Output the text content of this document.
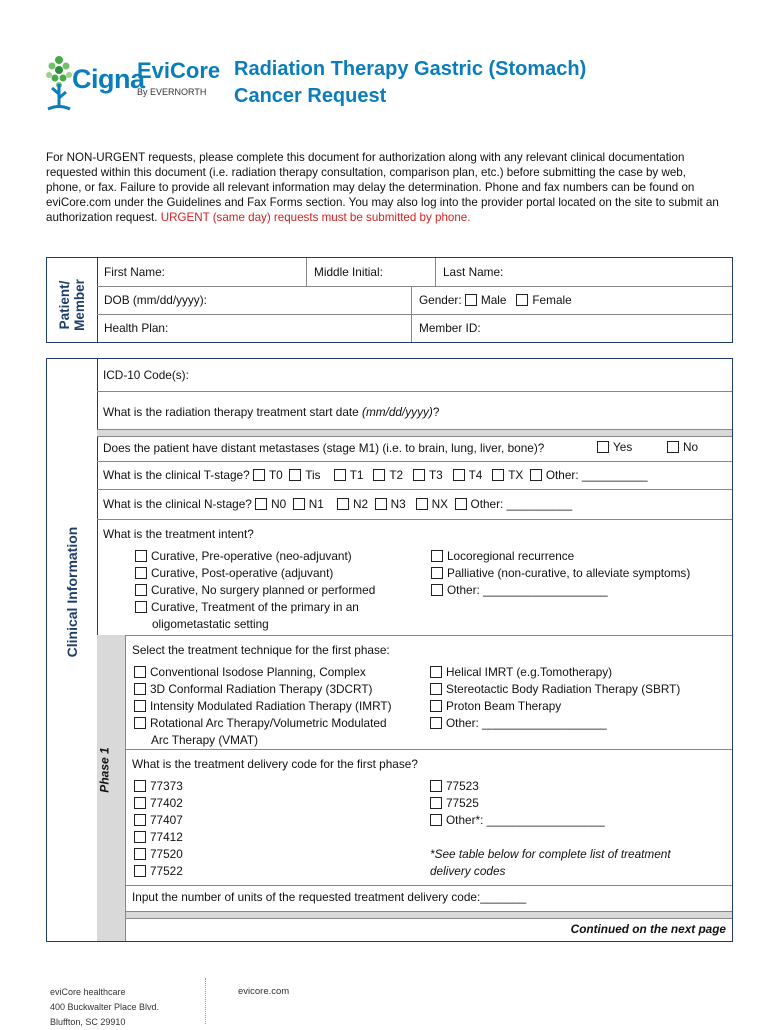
Cigna
EviCore
By EVERNORTH
Radiation Therapy Gastric (Stomach)
Cancer Request
For NON-URGENT requests, please complete this document for authorization along with any relevant clinical documentation requested within this document (i.e. radiation therapy consultation, comparison plan, etc.) before submitting the case by web, phone, or fax. Failure to provide all relevant information may delay the determination. Phone and fax numbers can be found on eviCore.com under the Guidelines and Fax Forms section. You may also log into the provider portal located on the site to submit an authorization request. URGENT (same day) requests must be submitted by phone.
Patient/ Member
First Name:	Middle Initial:	Last Name:
DOB (mm/dd/yyyy):	Gender:
Male
Female
Health Plan:	Member ID:
Clinical Information
ICD-10 Code(s):
What is the radiation therapy treatment start date (mm/dd/yyyy)?
Does the patient have distant metastases (stage M1) (i.e. to brain, lung, liver, bone)?	Yes	No
What is the clinical T-stage? T0 Tis T1 T2 T3 T4 TX Other: __________
What is the clinical N-stage? N0 N1 N2 N3 NX Other: __________
What is the treatment intent?
Curative, Pre-operative (neo-adjuvant)
Curative, Post-operative (adjuvant)
Curative, No surgery planned or performed
Curative, Treatment of the primary in an
oligometastatic setting
Locoregional recurrence
Palliative (non-curative, to alleviate symptoms)
Other: ___________________
Phase 1
Select the treatment technique for the first phase:
Conventional Isodose Planning, Complex
3D Conformal Radiation Therapy (3DCRT)
Intensity Modulated Radiation Therapy (IMRT)
Rotational Arc Therapy/Volumetric Modulated
Arc Therapy (VMAT)
Helical IMRT (e.g.Tomotherapy)
Stereotactic Body Radiation Therapy (SBRT)
Proton Beam Therapy
Other: ___________________
What is the treatment delivery code for the first phase?
77373
77402
77407
77412
77520
77522
77523
77525
Other*: __________________
*See table below for complete list of treatment
delivery codes
Input the number of units of the requested treatment delivery code:_______
Continued on the next page
eviCore healthcare
400 Buckwalter Place Blvd.
Bluffton, SC 29910
evicore.com
